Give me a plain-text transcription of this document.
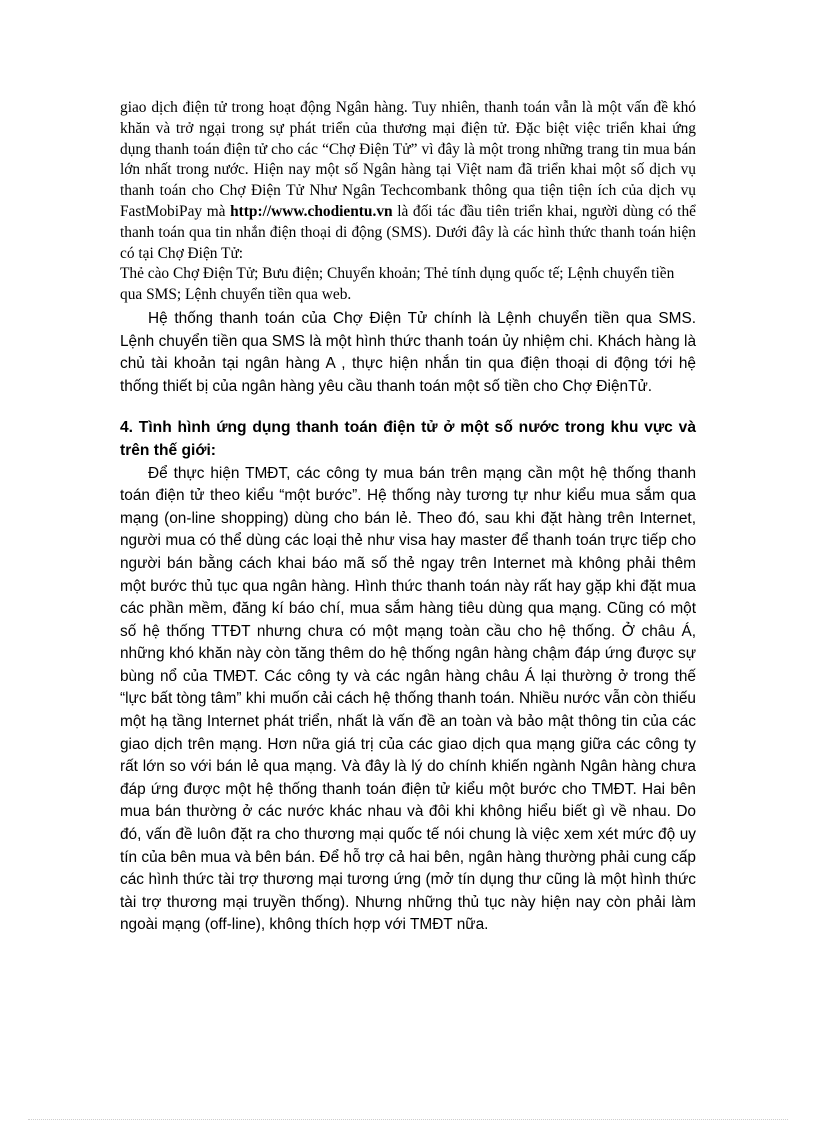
giao dịch điện tử trong hoạt động Ngân hàng. Tuy nhiên, thanh toán vẫn là một vấn đề khó khăn và trở ngại trong sự phát triển của thương mại điện tử. Đặc biệt việc triển khai ứng dụng thanh toán điện tử cho các “Chợ Điện Tử” vì đây là một trong những trang tin mua bán lớn nhất trong nước. Hiện nay một số Ngân hàng tại Việt nam đã triển khai một số dịch vụ thanh toán cho Chợ Điện Tử Như Ngân Techcombank thông qua tiện tiện ích của dịch vụ FastMobiPay mà http://www.chodientu.vn là đối tác đầu tiên triển khai, người dùng có thể thanh toán qua tin nhắn điện thoại di động (SMS). Dưới đây là các hình thức thanh toán hiện có tại Chợ Điện Tử:

Thẻ cào Chợ Điện Tử; Bưu điện; Chuyển khoản; Thẻ tính dụng quốc tế; Lệnh chuyển tiền qua SMS; Lệnh chuyển tiền qua web.

Hệ thống thanh toán của Chợ Điện Tử chính là Lệnh chuyển tiền qua SMS. Lệnh chuyển tiền qua SMS là một hình thức thanh toán ủy nhiệm chi. Khách hàng là chủ tài khoản tại ngân hàng A , thực hiện nhắn tin qua điện thoại di động tới hệ thống thiết bị của ngân hàng yêu cầu thanh toán một số tiền cho Chợ ĐiệnTử.

4. Tình hình ứng dụng thanh toán điện tử ở một số nước trong khu vực và trên thế giới:

Để thực hiện TMĐT, các công ty mua bán trên mạng cần một hệ thống thanh toán điện tử theo kiểu “một bước”. Hệ thống này tương tự như kiểu mua sắm qua mạng (on-line shopping) dùng cho bán lẻ. Theo đó, sau khi đặt hàng trên Internet, người mua có thể dùng các loại thẻ như visa hay master để thanh toán trực tiếp cho người bán bằng cách khai báo mã số thẻ ngay trên Internet mà không phải thêm một bước thủ tục qua ngân hàng. Hình thức thanh toán này rất hay gặp khi đặt mua các phần mềm, đăng kí báo chí, mua sắm hàng tiêu dùng qua mạng. Cũng có một số hệ thống TTĐT nhưng chưa có một mạng toàn cầu cho hệ thống. Ở châu Á, những khó khăn này còn tăng thêm do hệ thống ngân hàng chậm đáp ứng được sự bùng nổ của TMĐT. Các công ty và các ngân hàng châu Á lại thường ở trong thế “lực bất tòng tâm” khi muốn cải cách hệ thống thanh toán. Nhiều nước vẫn còn thiếu một hạ tầng Internet phát triển, nhất là vấn đề an toàn và bảo mật thông tin của các giao dịch trên mạng. Hơn nữa giá trị của các giao dịch qua mạng giữa các công ty rất lớn so với bán lẻ qua mạng. Và đây là lý do chính khiến ngành Ngân hàng chưa đáp ứng được một hệ thống thanh toán điện tử kiểu một bước cho TMĐT. Hai bên mua bán thường ở các nước khác nhau và đôi khi không hiểu biết gì về nhau. Do đó, vấn đề luôn đặt ra cho thương mại quốc tế nói chung là việc xem xét mức độ uy tín của bên mua và bên bán. Để hỗ trợ cả hai bên, ngân hàng thường phải cung cấp các hình thức tài trợ thương mại tương ứng (mở tín dụng thư cũng là một hình thức tài trợ thương mại truyền thống). Nhưng những thủ tục này hiện nay còn phải làm ngoài mạng (off-line), không thích hợp với TMĐT nữa.
